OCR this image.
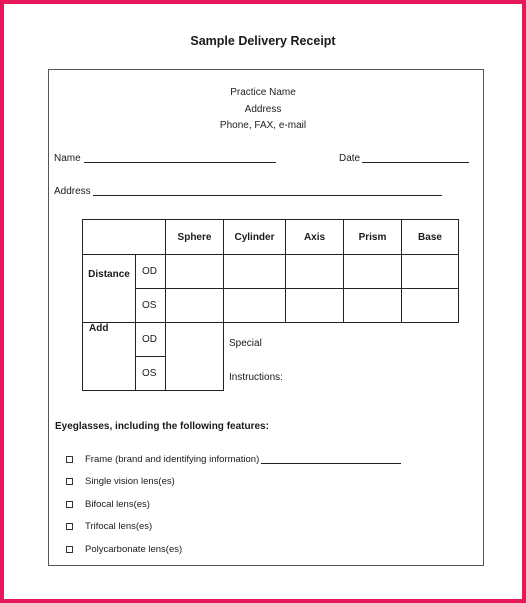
Sample Delivery Receipt
Practice Name
Address
Phone, FAX, e-mail
Name	Date
Address
		Sphere	Cylinder	Axis	Prism	Base
Distance	OD					
	OS					
Add	OD					
	OS					
Special
Instructions:
Eyeglasses, including the following features:
Frame (brand and identifying information)
Single vision lens(es)
Bifocal lens(es)
Trifocal lens(es)
Polycarbonate lens(es)
